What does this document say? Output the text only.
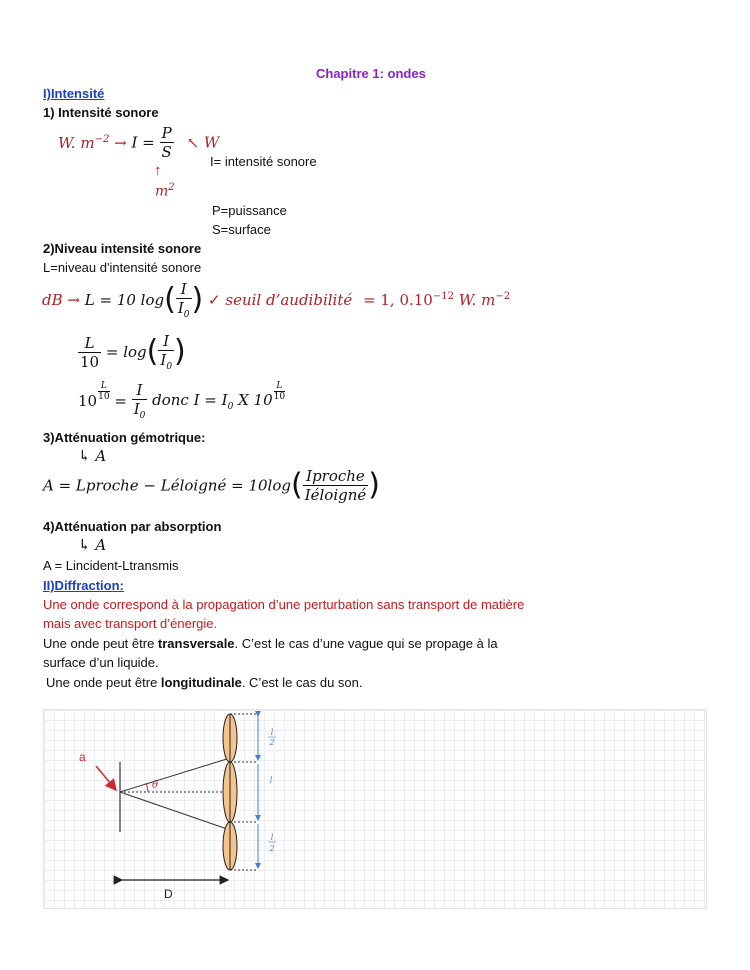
Chapitre 1: ondes
I)Intensité
1) Intensité sonore
W. $m^{-2} \to I = \frac{P}{S}$ ↖ W
↑
$m^2$
I= intensité sonore
P=puissance
S=surface
2)Niveau intensité sonore
L=niveau d'intensité sonore
dB → L = 10 $\log( \frac{I}{I_0}$ ) ✓ seuil d’audibilité = 1, $0.10^{-12}$ W. $m^{-2}$
$\frac{L}{10} = \log( \frac{I}{I_0}$ )
$10 \frac{L}{10} = \frac{I}{I_0}$ donc $I = I_0$ X $10 \frac{L}{10}$
3)Atténuation gémotrique:
↳ A
A = Lproche − Léloigné = $10\log( \frac{\text{Iproche}}{\text{Iéloigné}}$ )
4)Atténuation par absorption
↳ A
A = Lincident-Ltransmis
II)Diffraction:
Une onde correspond à la propagation d’une perturbation sans transport de matière
mais avec transport d’énergie.
Une onde peut être transversale. C’est le cas d’une vague qui se propage à la
surface d’un liquide.
Une onde peut être longitudinale. C’est le cas du son.
a
θ
l
2
l
l
2
D
